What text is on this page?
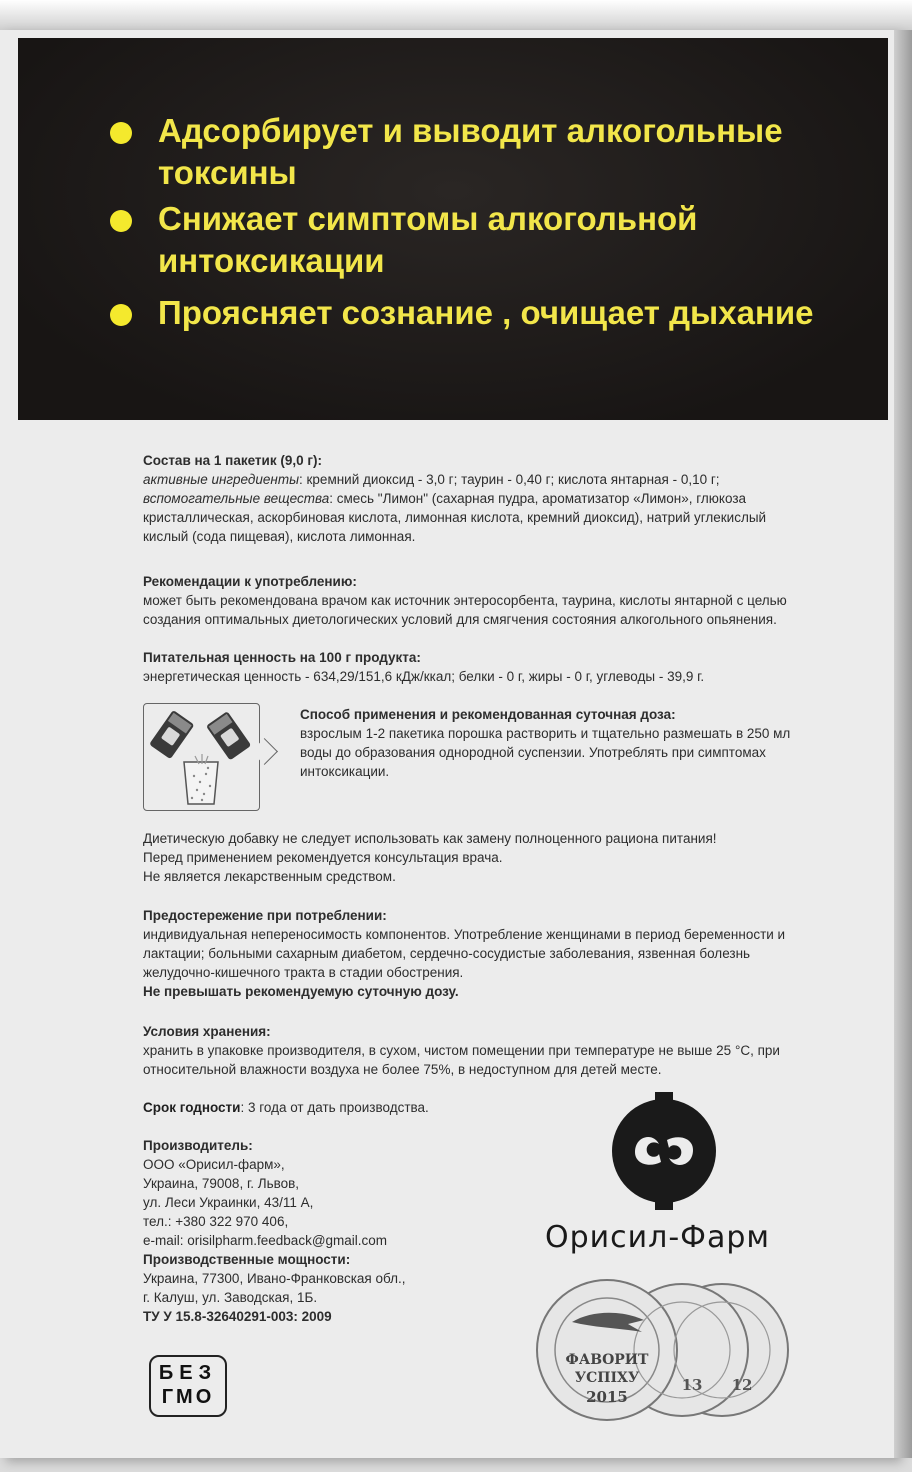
Адсорбирует и выводит алкогольные
токсины
Снижает симптомы алкогольной
интоксикации
Проясняет сознание , очищает дыхание
Состав на 1 пакетик (9,0 г):
активные ингредиенты: кремний диоксид - 3,0 г; таурин - 0,40 г; кислота янтарная - 0,10 г;
вспомогательные вещества: смесь "Лимон" (сахарная пудра, ароматизатор «Лимон», глюкоза кристаллическая, аскорбиновая кислота, лимонная кислота, кремний диоксид), натрий углекислый кислый (сода пищевая), кислота лимонная.
Рекомендации к употреблению:
может быть рекомендована врачом как источник энтеросорбента, таурина, кислоты янтарной с целью создания оптимальных диетологических условий для смягчения состояния алкогольного опьянения.
Питательная ценность на 100 г продукта:
энергетическая ценность - 634,29/151,6 кДж/ккал; белки - 0 г, жиры - 0 г, углеводы - 39,9 г.
Способ применения и рекомендованная суточная доза:
взрослым 1-2 пакетика порошка растворить и тщательно размешать в 250 мл воды до образования однородной суспензии. Употреблять при симптомах интоксикации.
Диетическую добавку не следует использовать как замену полноценного рациона питания!
Перед применением рекомендуется консультация врача.
Не является лекарственным средством.
Предостережение при потреблении:
индивидуальная непереносимость компонентов. Употребление женщинами в период беременности и лактации; больными сахарным диабетом, сердечно-сосудистые заболевания, язвенная болезнь желудочно-кишечного тракта в стадии обострения.
Не превышать рекомендуемую суточную дозу.
Условия хранения:
хранить в упаковке производителя, в сухом, чистом помещении при температуре не выше 25 °С, при относительной влажности воздуха не более 75%, в недоступном для детей месте.
Срок годности: 3 года от дать производства.
Производитель:
ООО «Орисил-фарм»,
Украина, 79008, г. Львов,
ул. Леси Украинки, 43/11 А,
тел.: +380 322 970 406,
e-mail: orisilpharm.feedback@gmail.com
Производственные мощности:
Украина, 77300, Ивано-Франковская обл.,
г. Калуш, ул. Заводская, 1Б.
ТУ У 15.8-32640291-003: 2009
Орисил-Фарм
ФАВОРИТ
УСПІХУ
2015
13 12
БЕЗ
ГМО
